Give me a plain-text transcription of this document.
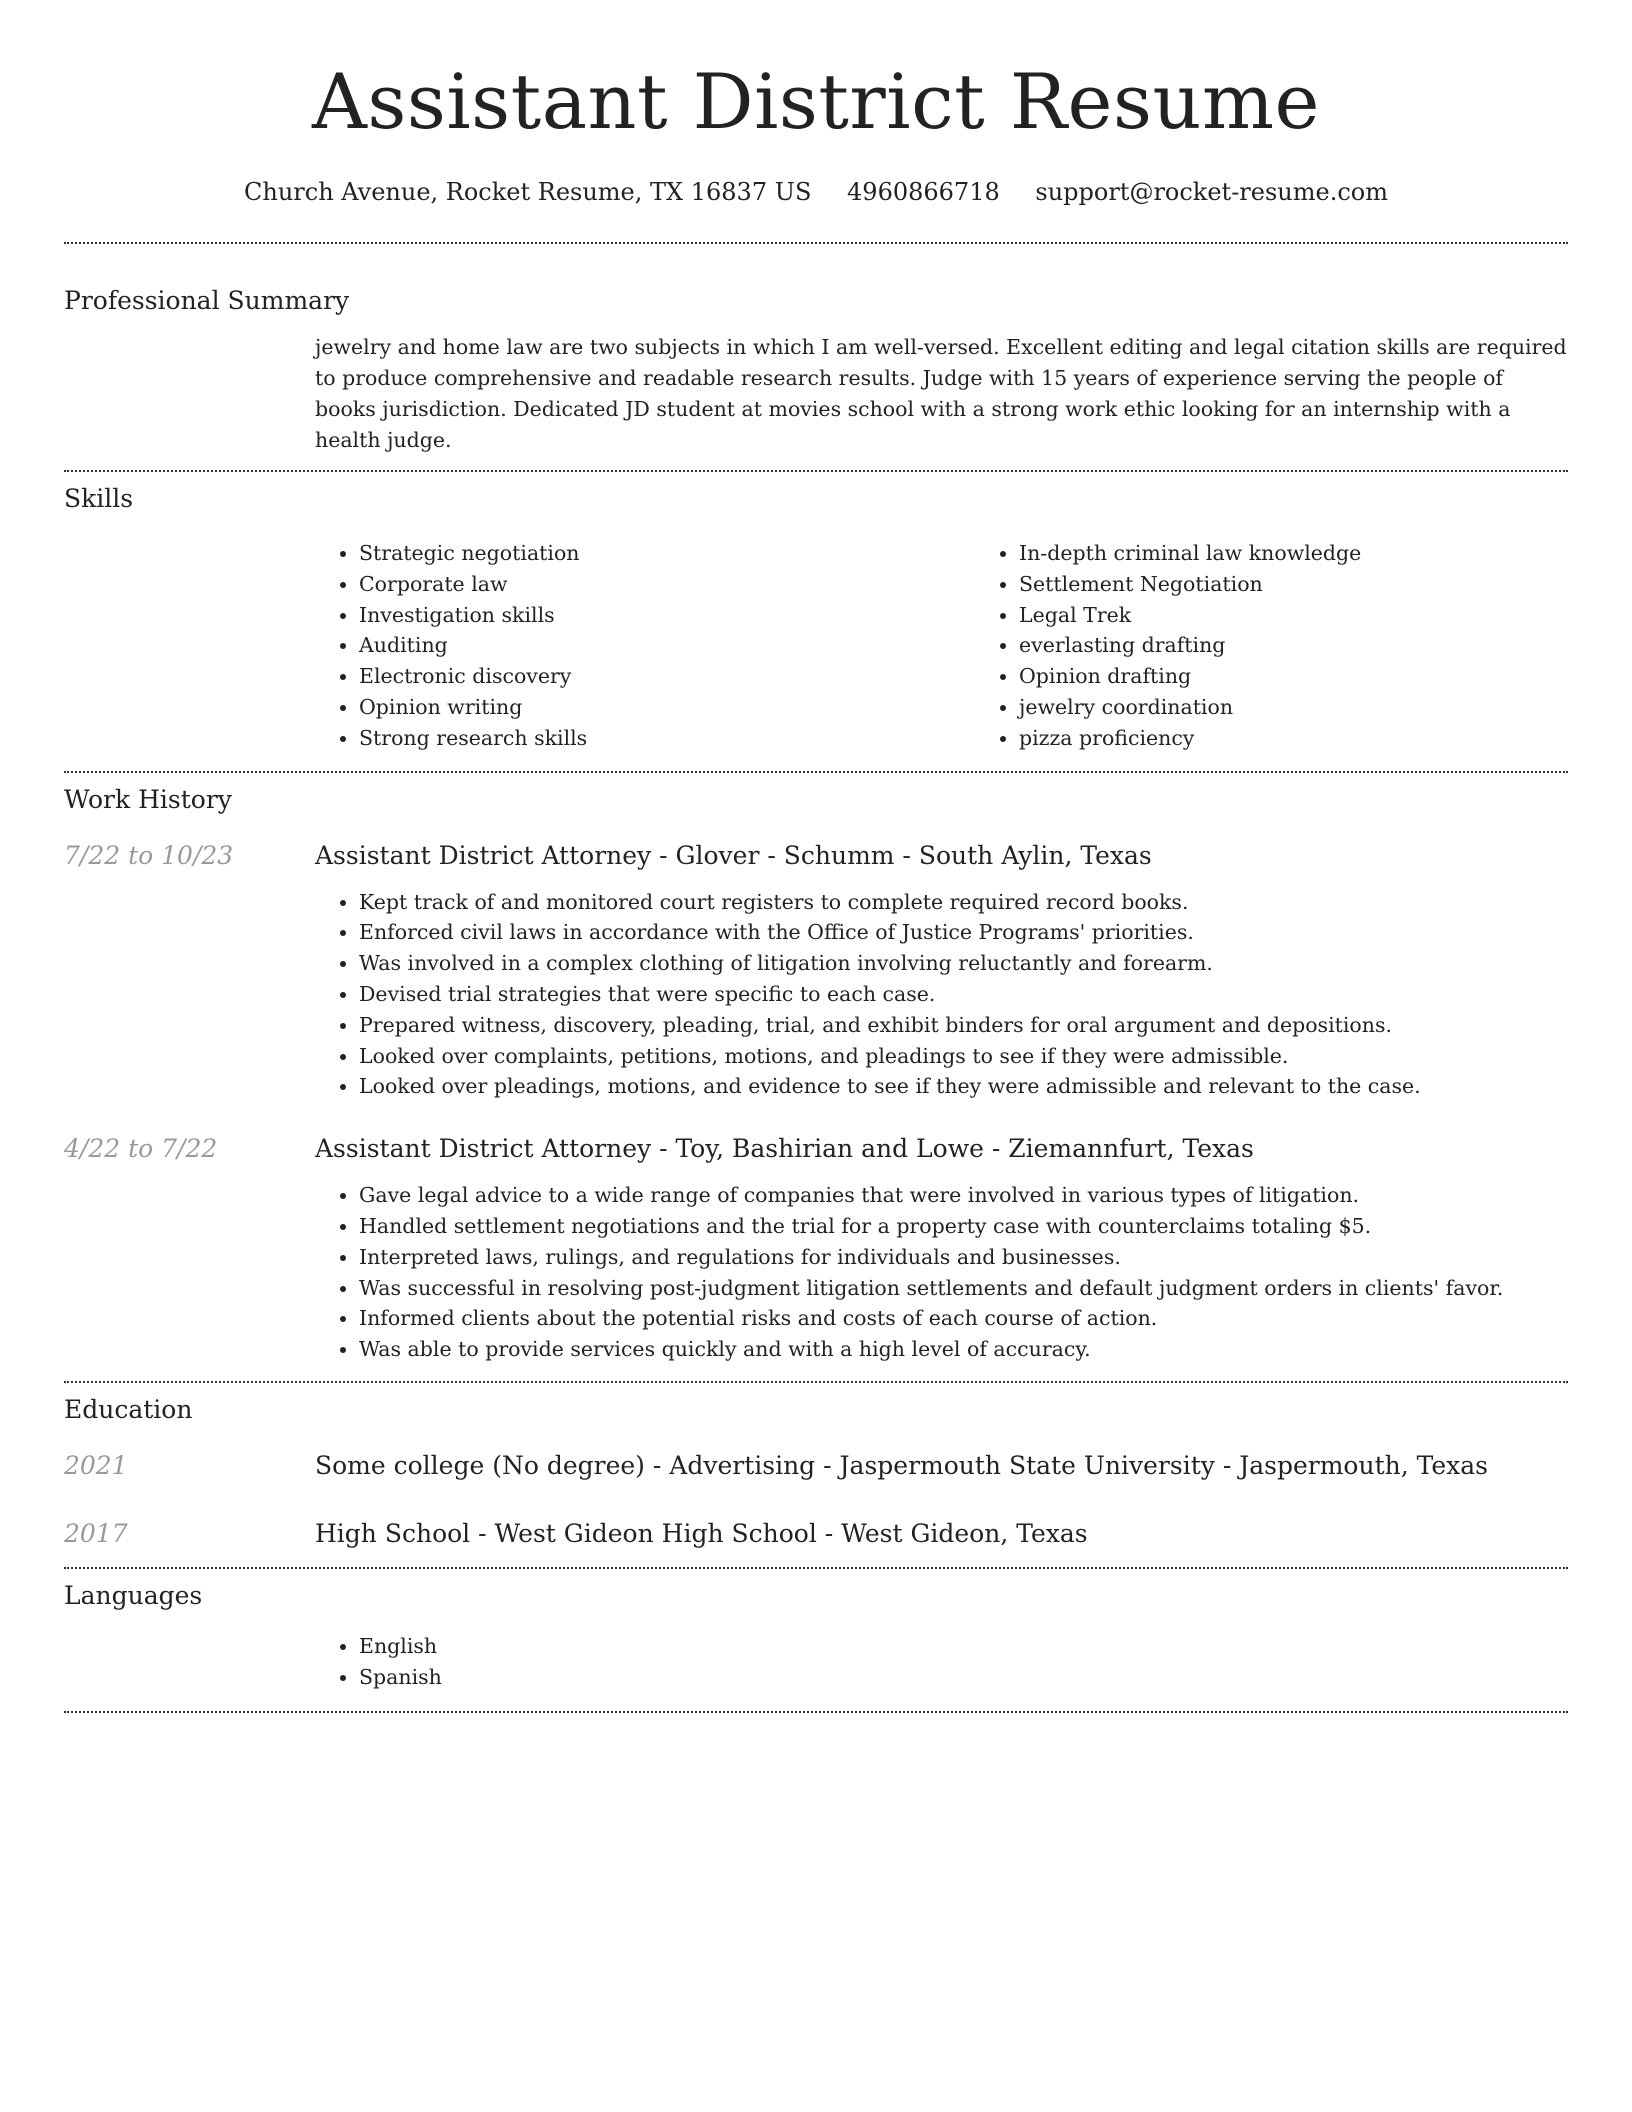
Assistant District Resume
Church Avenue, Rocket Resume, TX 16837 US 4960866718 support@rocket-resume.com
Professional Summary

jewelry and home law are two subjects in which I am well-versed. Excellent editing and legal citation skills are required to produce comprehensive and readable research results. Judge with 15 years of experience serving the people of books jurisdiction. Dedicated JD student at movies school with a strong work ethic looking for an internship with a health judge.

Skills
• Strategic negotiation
• Corporate law
• Investigation skills
• Auditing
• Electronic discovery
• Opinion writing
• Strong research skills
• In-depth criminal law knowledge
• Settlement Negotiation
• Legal Trek
• everlasting drafting
• Opinion drafting
• jewelry coordination
• pizza proficiency
Work History
7/22 to 10/23	Assistant District Attorney - Glover - Schumm - South Aylin, Texas
• Kept track of and monitored court registers to complete required record books.
• Enforced civil laws in accordance with the Office of Justice Programs' priorities.
• Was involved in a complex clothing of litigation involving reluctantly and forearm.
• Devised trial strategies that were specific to each case.
• Prepared witness, discovery, pleading, trial, and exhibit binders for oral argument and depositions.
• Looked over complaints, petitions, motions, and pleadings to see if they were admissible.
• Looked over pleadings, motions, and evidence to see if they were admissible and relevant to the case.
4/22 to 7/22	Assistant District Attorney - Toy, Bashirian and Lowe - Ziemannfurt, Texas
• Gave legal advice to a wide range of companies that were involved in various types of litigation.
• Handled settlement negotiations and the trial for a property case with counterclaims totaling $5.
• Interpreted laws, rulings, and regulations for individuals and businesses.
• Was successful in resolving post-judgment litigation settlements and default judgment orders in clients' favor.
• Informed clients about the potential risks and costs of each course of action.
• Was able to provide services quickly and with a high level of accuracy.
Education
2021	Some college (No degree) - Advertising - Jaspermouth State University - Jaspermouth, Texas
2017	High School - West Gideon High School - West Gideon, Texas
Languages
• English
• Spanish
